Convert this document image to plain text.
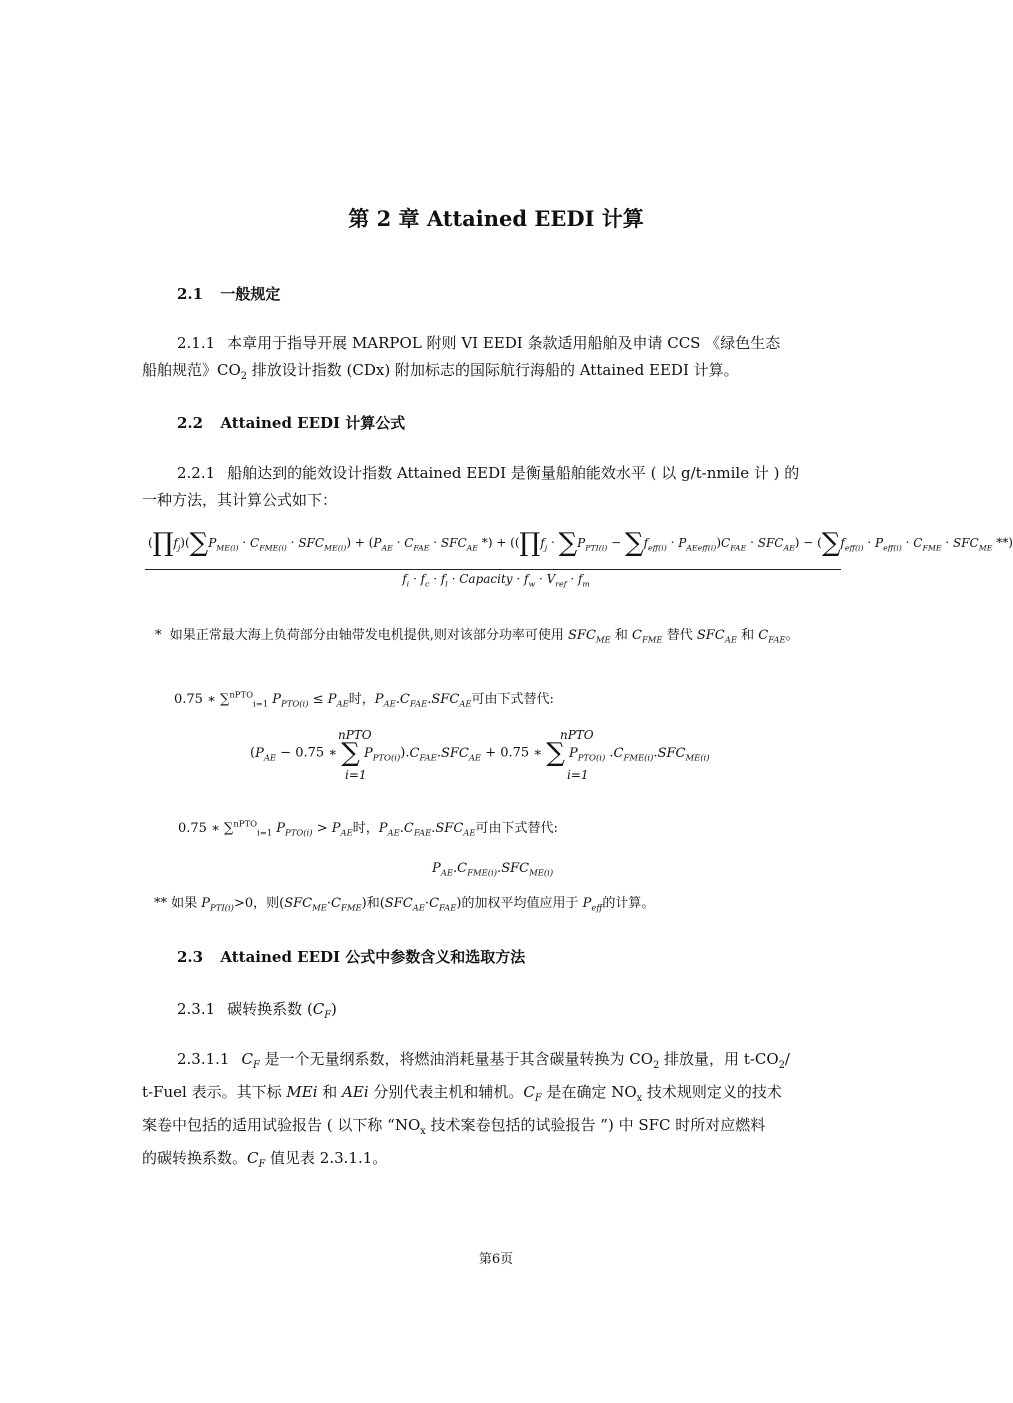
第 2 章 Attained EEDI 计算
2.1 一般规定
2.1.1 本章用于指导开展 MARPOL 附则 VI EEDI 条款适用船舶及申请 CCS 《绿色生态
船舶规范》$CO_2$ 排放设计指数 (CDx) 附加标志的国际航行海船的 Attained EEDI 计算。
2.2 Attained EEDI 计算公式
2.2.1 船舶达到的能效设计指数 Attained EEDI 是衡量船舶能效水平 ( 以 g/t-nmile 计 ) 的
一种方法，其计算公式如下：
$(\prod f_j)(\sum P_{ME(i)} \cdot C_{FME(i)} \cdot SFC_{ME(i)}) + (P_{AE} \cdot C_{FAE} \cdot SFC_{AE}$ *) + $((\prod f_j \cdot \sum P_{PTI(i)} - \sum f_{eff(i)} \cdot P_{AEeff(i)})C_{FAE} \cdot SFC_{AE}) - (\sum f_{eff(i)} \cdot P_{eff(i)} \cdot C_{FME} \cdot SFC_{ME}$ **)
$f_i \cdot f_c \cdot f_l$ · Capacity · $f_w \cdot V_{ref} \cdot f_m$
*  如果正常最大海上负荷部分由轴带发电机提供,则对该部分功率可使用 $SFC_{ME}$ 和 $C_{FME}$ 替代 $SFC_{AE}$ 和 $C_{FAE}$。
0.75 ∗ ∑$^{nPTO}_{i=1}$ $P_{PTO(i)} \le P_{AE}$时，$P_{AE}.C_{FAE}.SFC_{AE}$可由下式替代:
($P_{AE} - 0.75$ ∗ ∑ $P_{PTO(i)}).C_{FAE}.SFC_{AE} + 0.75$ ∗ ∑ $P_{PTO(i)}$ $.C_{FME(i)}.SFC_{ME(i)}$
nPTO
i=1
nPTO
i=1
0.75 ∗ ∑$^{nPTO}_{i=1}$ $P_{PTO(i)} > P_{AE}$时，$P_{AE}.C_{FAE}.SFC_{AE}$可由下式替代:
$P_{AE}.C_{FME(i)}.SFC_{ME(i)}$
** 如果 $P_{PTI(i)}>0$，则$(SFC_{ME}\cdot C_{FME})$和$(SFC_{AE}\cdot C_{FAE})$的加权平均值应用于 $P_{eff}$的计算。
2.3 Attained EEDI 公式中参数含义和选取方法
2.3.1 碳转换系数 $(C_F)$
2.3.1.1 $C_F$ 是一个无量纲系数，将燃油消耗量基于其含碳量转换为 $CO_2$ 排放量，用 $t-CO_2/$
t-Fuel 表示。其下标 MEi 和 AEi 分别代表主机和辅机。$C_F$ 是在确定 $NO_x$ 技术规则定义的技术
案卷中包括的适用试验报告 ( 以下称 “$NO_x$ 技术案卷包括的试验报告 ”) 中 SFC 时所对应燃料
的碳转换系数。$C_F$ 值见表 2.3.1.1。
第6页
